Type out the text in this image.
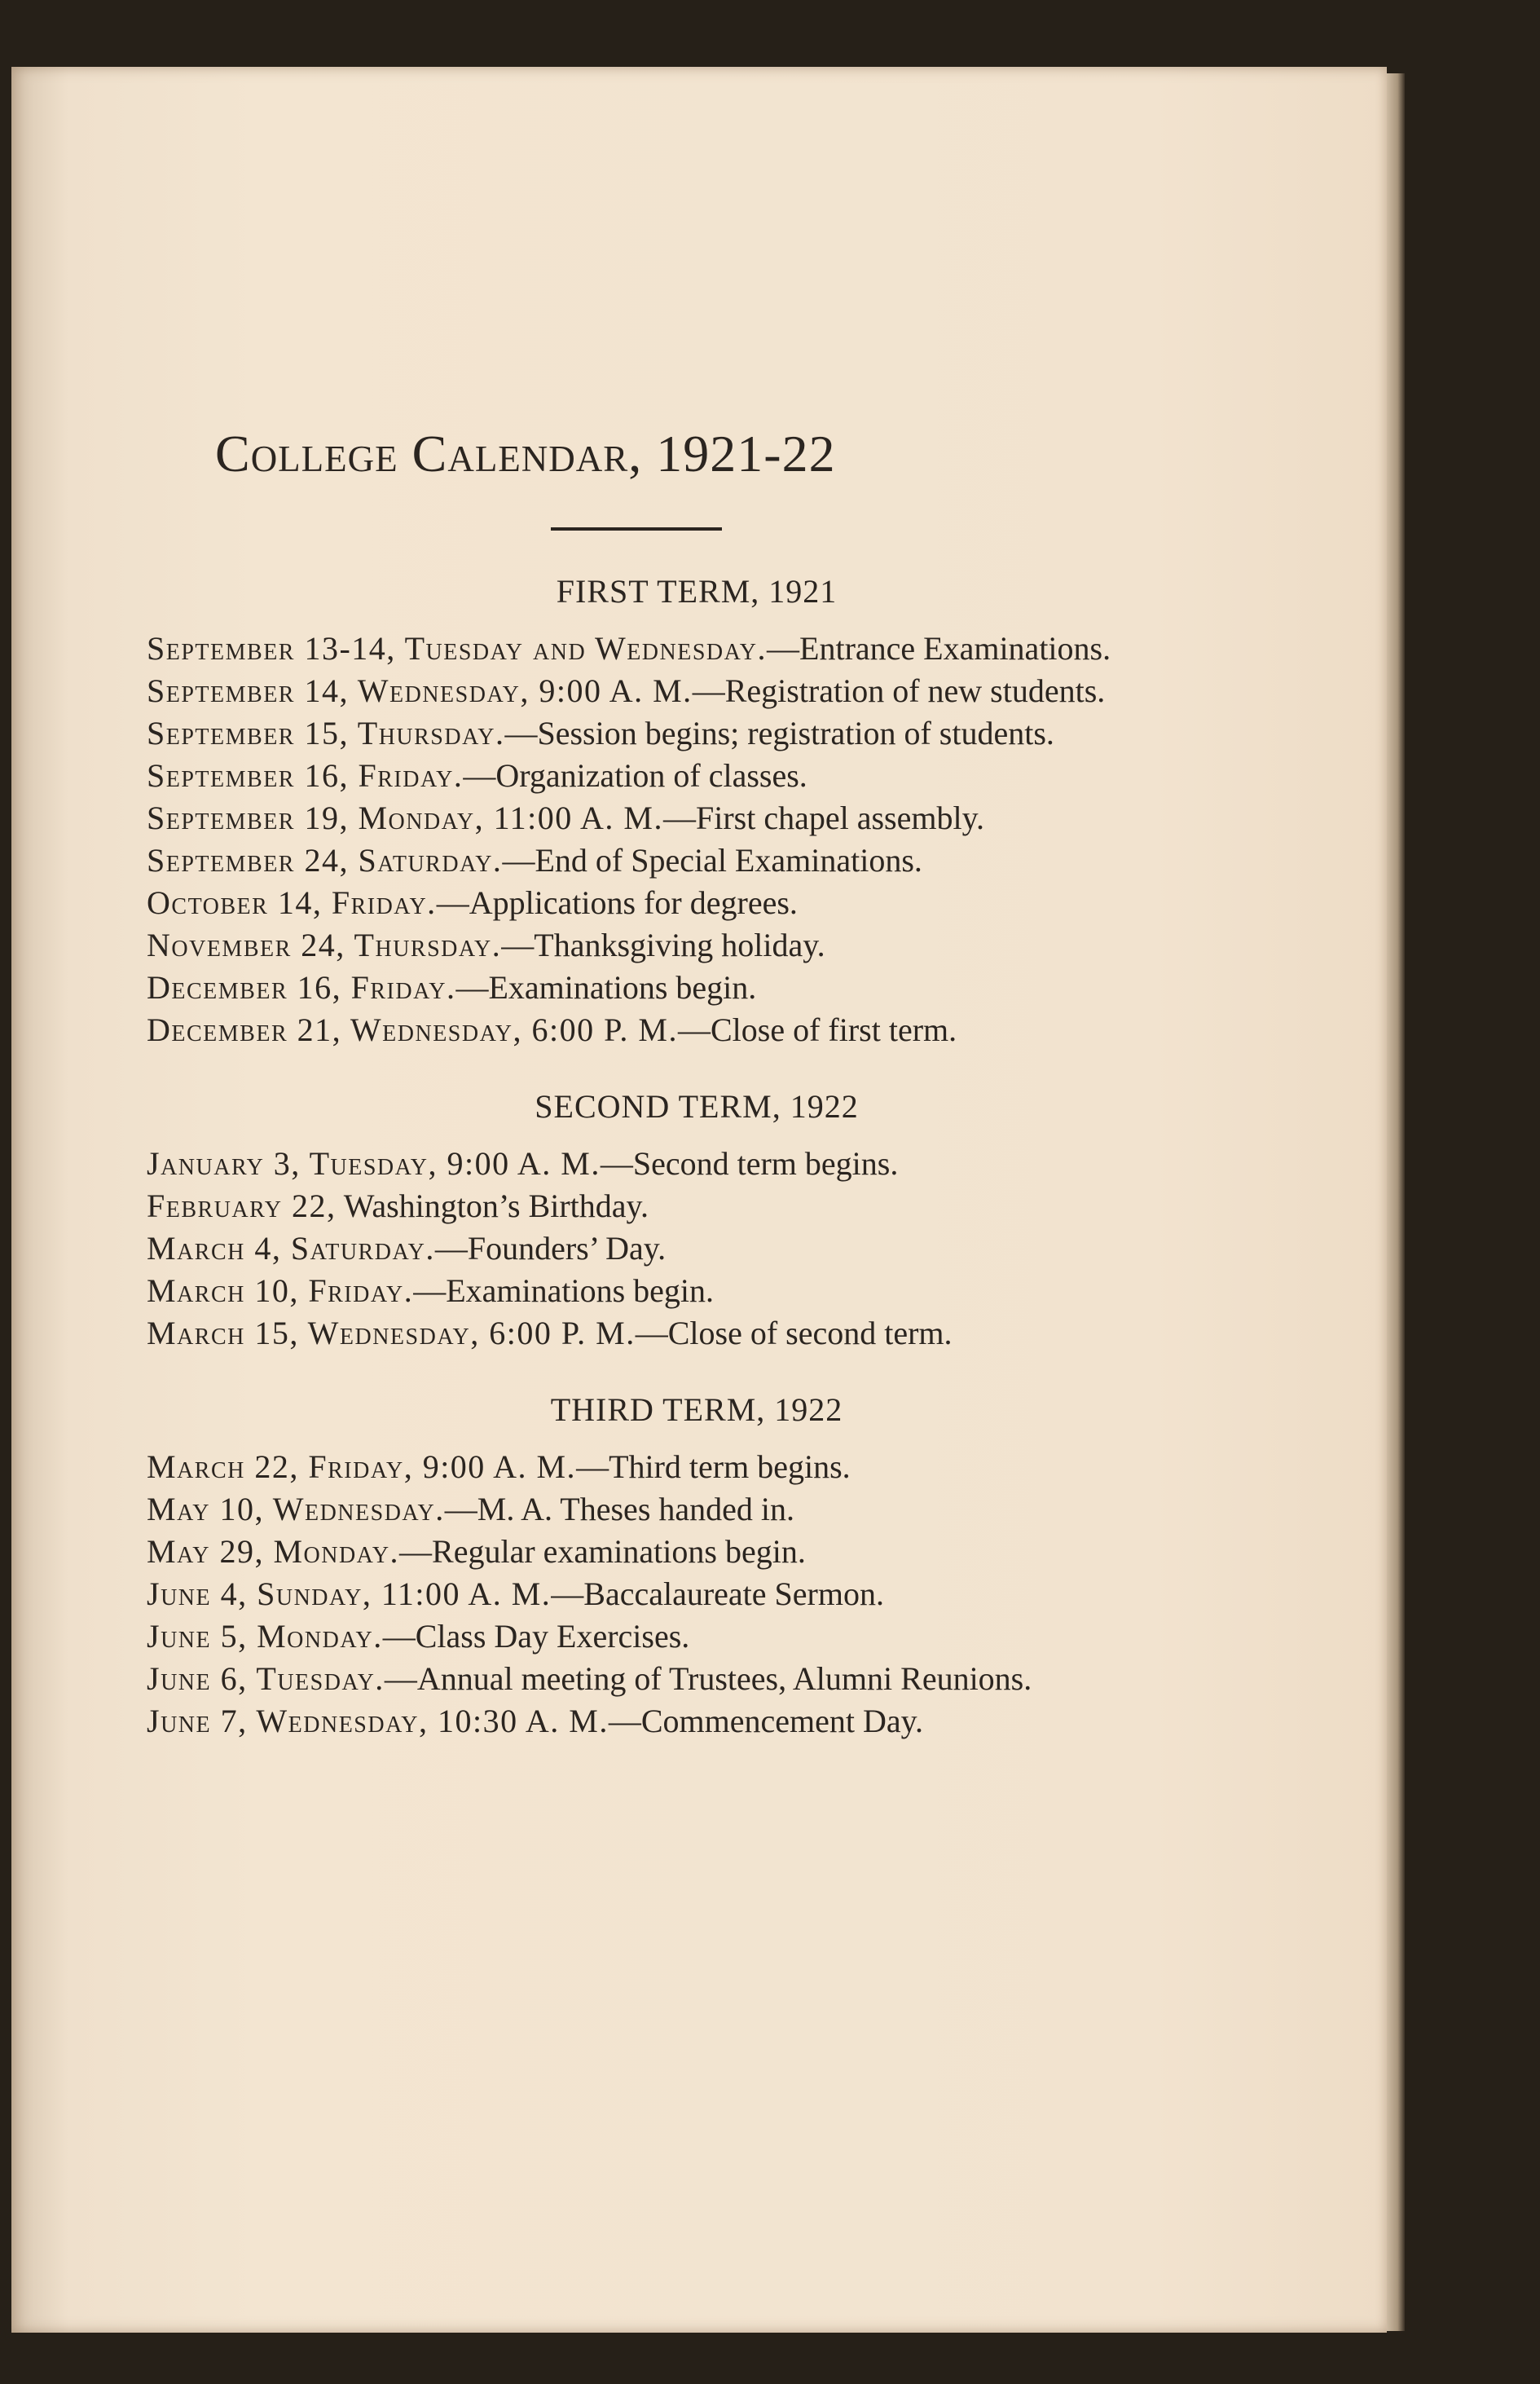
College Calendar, 1921-22
FIRST TERM, 1921

September 13-14, Tuesday and Wednesday.—Entrance Examinations.

September 14, Wednesday, 9:00 A. M.—Registration of new students.

September 15, Thursday.—Session begins; registration of students.

September 16, Friday.—Organization of classes.

September 19, Monday, 11:00 A. M.—First chapel assembly.

September 24, Saturday.—End of Special Examinations.

October 14, Friday.—Applications for degrees.

November 24, Thursday.—Thanksgiving holiday.

December 16, Friday.—Examinations begin.

December 21, Wednesday, 6:00 P. M.—Close of first term.

SECOND TERM, 1922

January 3, Tuesday, 9:00 A. M.—Second term begins.

February 22, Washington’s Birthday.

March 4, Saturday.—Founders’ Day.

March 10, Friday.—Examinations begin.

March 15, Wednesday, 6:00 P. M.—Close of second term.

THIRD TERM, 1922

March 22, Friday, 9:00 A. M.—Third term begins.

May 10, Wednesday.—M. A. Theses handed in.

May 29, Monday.—Regular examinations begin.

June 4, Sunday, 11:00 A. M.—Baccalaureate Sermon.

June 5, Monday.—Class Day Exercises.

June 6, Tuesday.—Annual meeting of Trustees, Alumni Reunions.

June 7, Wednesday, 10:30 A. M.—Commencement Day.
